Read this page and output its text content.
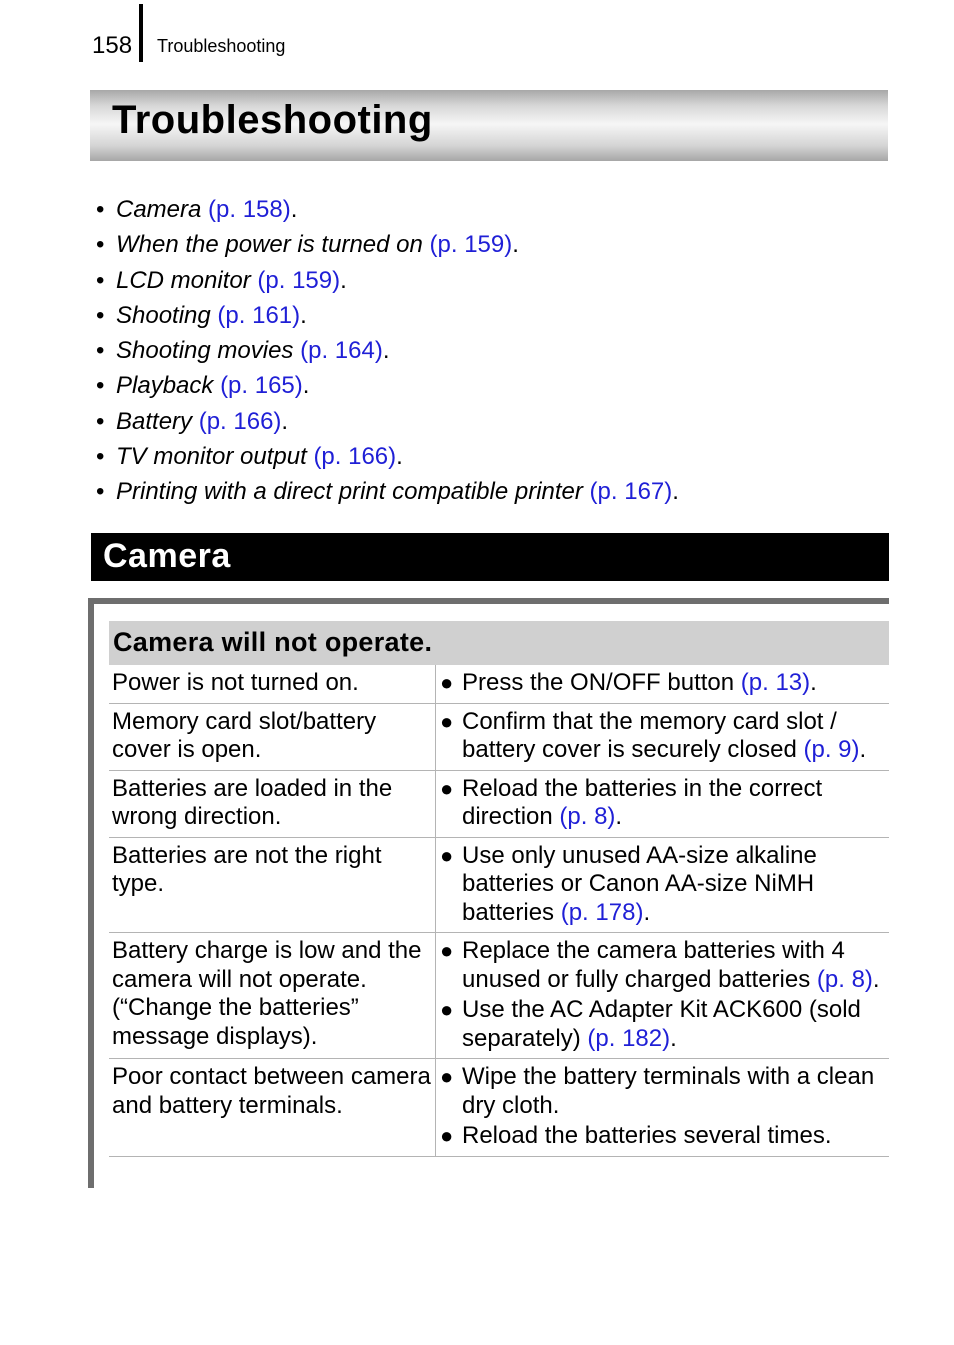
158 Troubleshooting
Troubleshooting
• Camera (p. 158).
• When the power is turned on (p. 159).
• LCD monitor (p. 159).
• Shooting (p. 161).
• Shooting movies (p. 164).
• Playback (p. 165).
• Battery (p. 166).
• TV monitor output (p. 166).
• Printing with a direct print compatible printer (p. 167).
Camera
Camera will not operate.
Power is not turned on.	● Press the ON/OFF button (p. 13).

Memory card slot/battery cover is open.	● Confirm that the memory card slot / battery cover is securely closed (p. 9).

Batteries are loaded in the wrong direction.	● Reload the batteries in the correct direction (p. 8).

Batteries are not the right type.	● Use only unused AA-size alkaline batteries or Canon AA-size NiMH batteries (p. 178).

Battery charge is low and the camera will not operate. (“Change the batteries” message displays).	● Replace the camera batteries with 4 unused or fully charged batteries (p. 8).
● Use the AC Adapter Kit ACK600 (sold separately) (p. 182).

Poor contact between camera and battery terminals.	● Wipe the battery terminals with a clean dry cloth.
● Reload the batteries several times.
